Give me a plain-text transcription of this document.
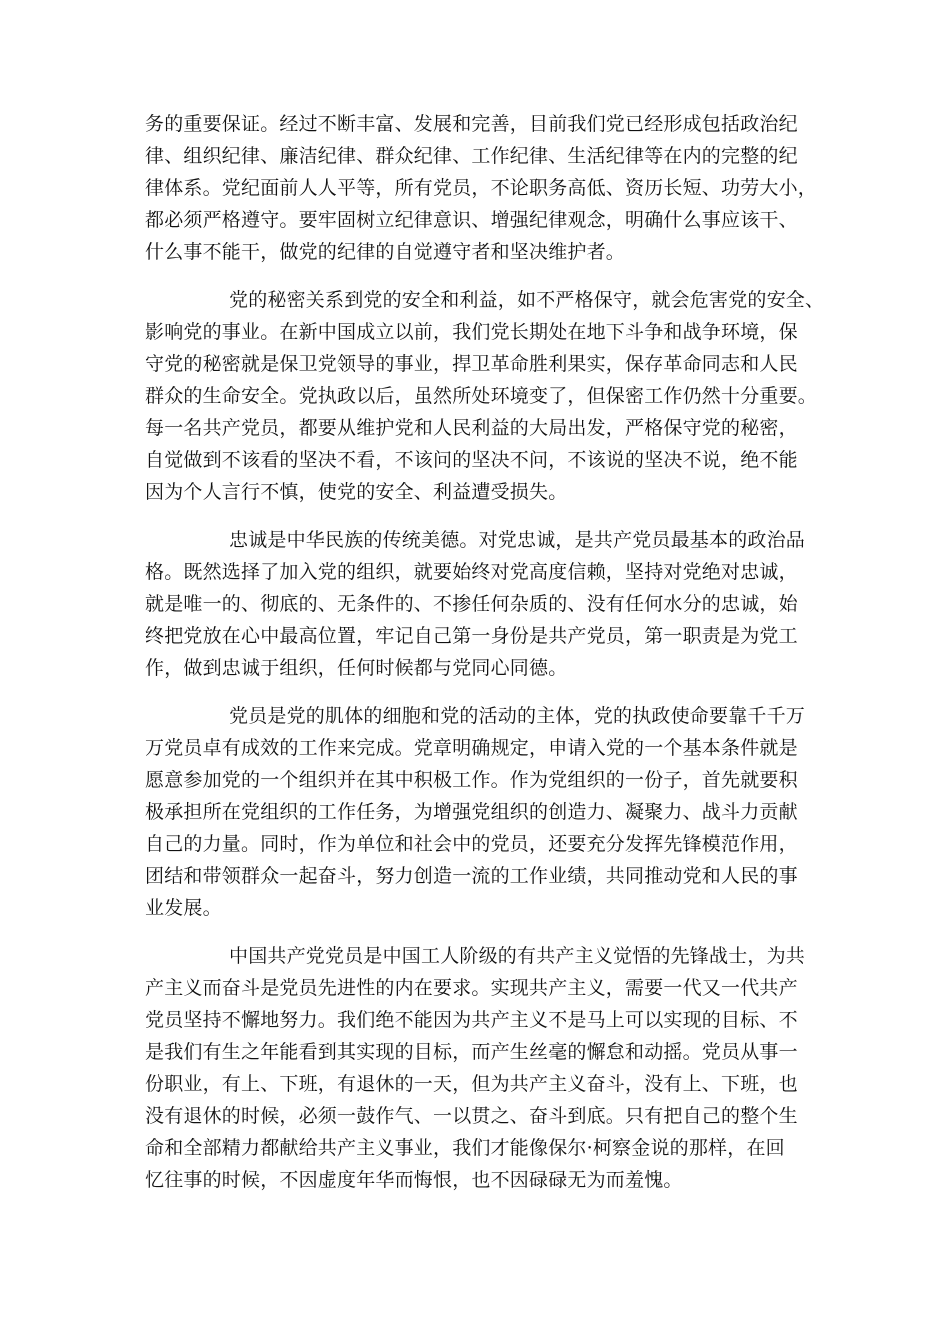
务的重要保证。经过不断丰富、发展和完善，目前我们党已经形成包括政治纪
律、组织纪律、廉洁纪律、群众纪律、工作纪律、生活纪律等在内的完整的纪
律体系。党纪面前人人平等，所有党员，不论职务高低、资历长短、功劳大小，
都必须严格遵守。要牢固树立纪律意识、增强纪律观念，明确什么事应该干、
什么事不能干，做党的纪律的自觉遵守者和坚决维护者。
党的秘密关系到党的安全和利益，如不严格保守，就会危害党的安全、
影响党的事业。在新中国成立以前，我们党长期处在地下斗争和战争环境，保
守党的秘密就是保卫党领导的事业，捍卫革命胜利果实，保存革命同志和人民
群众的生命安全。党执政以后，虽然所处环境变了，但保密工作仍然十分重要。
每一名共产党员，都要从维护党和人民利益的大局出发，严格保守党的秘密，
自觉做到不该看的坚决不看，不该问的坚决不问，不该说的坚决不说，绝不能
因为个人言行不慎，使党的安全、利益遭受损失。
忠诚是中华民族的传统美德。对党忠诚，是共产党员最基本的政治品
格。既然选择了加入党的组织，就要始终对党高度信赖，坚持对党绝对忠诚，
就是唯一的、彻底的、无条件的、不掺任何杂质的、没有任何水分的忠诚，始
终把党放在心中最高位置，牢记自己第一身份是共产党员，第一职责是为党工
作，做到忠诚于组织，任何时候都与党同心同德。
党员是党的肌体的细胞和党的活动的主体，党的执政使命要靠千千万
万党员卓有成效的工作来完成。党章明确规定，申请入党的一个基本条件就是
愿意参加党的一个组织并在其中积极工作。作为党组织的一份子，首先就要积
极承担所在党组织的工作任务，为增强党组织的创造力、凝聚力、战斗力贡献
自己的力量。同时，作为单位和社会中的党员，还要充分发挥先锋模范作用，
团结和带领群众一起奋斗，努力创造一流的工作业绩，共同推动党和人民的事
业发展。
中国共产党党员是中国工人阶级的有共产主义觉悟的先锋战士，为共
产主义而奋斗是党员先进性的内在要求。实现共产主义，需要一代又一代共产
党员坚持不懈地努力。我们绝不能因为共产主义不是马上可以实现的目标、不
是我们有生之年能看到其实现的目标，而产生丝毫的懈怠和动摇。党员从事一
份职业，有上、下班，有退休的一天，但为共产主义奋斗，没有上、下班，也
没有退休的时候，必须一鼓作气、一以贯之、奋斗到底。只有把自己的整个生
命和全部精力都献给共产主义事业，我们才能像保尔·柯察金说的那样，在回
忆往事的时候，不因虚度年华而悔恨，也不因碌碌无为而羞愧。
